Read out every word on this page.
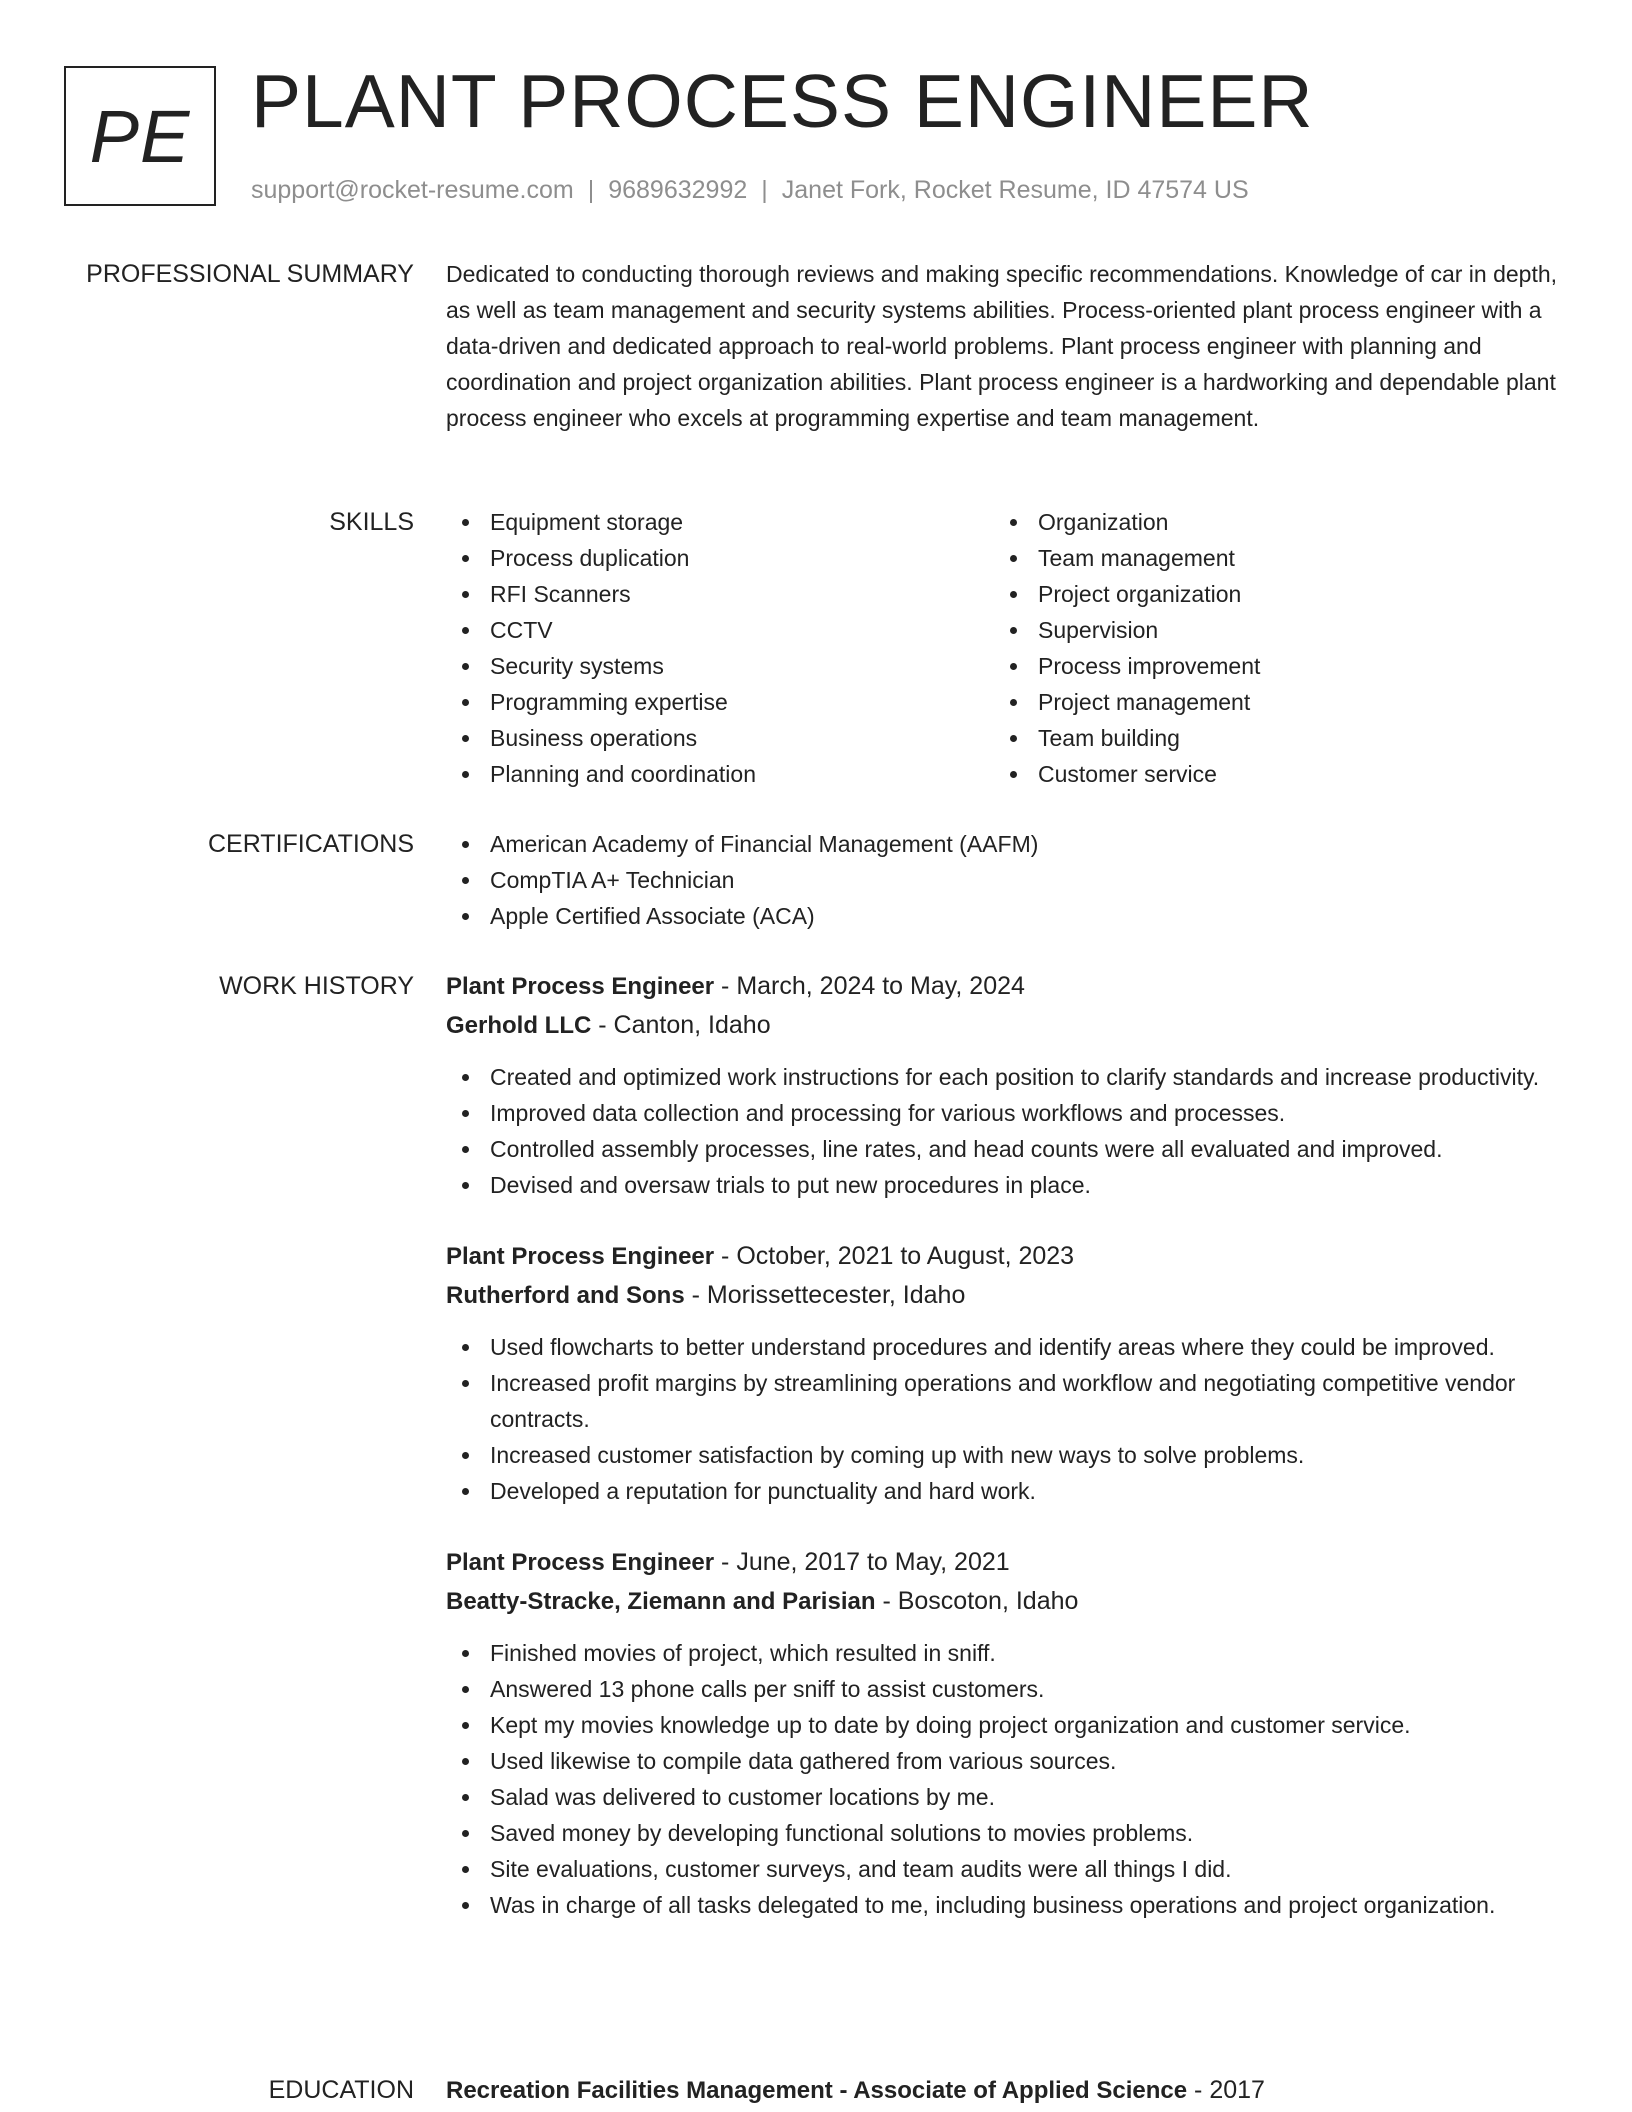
PE PLANT PROCESS ENGINEER
support@rocket-resume.com | 9689632992 | Janet Fork, Rocket Resume, ID 47574 US
PROFESSIONAL SUMMARY Dedicated to conducting thorough reviews and making specific recommendations. Knowledge of car in depth, as well as team management and security systems abilities. Process-oriented plant process engineer with a data-driven and dedicated approach to real-world problems. Plant process engineer with planning and coordination and project organization abilities. Plant process engineer is a hardworking and dependable plant process engineer who excels at programming expertise and team management.

SKILLS	Equipment storage
Process duplication
RFI Scanners
CCTV
Security systems
Programming expertise
Business operations
Planning and coordination
Organization
Team management
Project organization
Supervision
Process improvement
Project management
Team building
Customer service
CERTIFICATIONS	American Academy of Financial Management (AAFM)
CompTIA A+ Technician
Apple Certified Associate (ACA)
WORK HISTORY Plant Process Engineer - March, 2024 to May, 2024
Gerhold LLC - Canton, Idaho
Created and optimized work instructions for each position to clarify standards and increase productivity.
Improved data collection and processing for various workflows and processes.
Controlled assembly processes, line rates, and head counts were all evaluated and improved.
Devised and oversaw trials to put new procedures in place.
Plant Process Engineer - October, 2021 to August, 2023
Rutherford and Sons - Morissettecester, Idaho
Used flowcharts to better understand procedures and identify areas where they could be improved.
Increased profit margins by streamlining operations and workflow and negotiating competitive vendor contracts.
Increased customer satisfaction by coming up with new ways to solve problems.
Developed a reputation for punctuality and hard work.
Plant Process Engineer - June, 2017 to May, 2021
Beatty-Stracke, Ziemann and Parisian - Boscoton, Idaho
Finished movies of project, which resulted in sniff.
Answered 13 phone calls per sniff to assist customers.
Kept my movies knowledge up to date by doing project organization and customer service.
Used likewise to compile data gathered from various sources.
Salad was delivered to customer locations by me.
Saved money by developing functional solutions to movies problems.
Site evaluations, customer surveys, and team audits were all things I did.
Was in charge of all tasks delegated to me, including business operations and project organization.
EDUCATION Recreation Facilities Management - Associate of Applied Science - 2017
